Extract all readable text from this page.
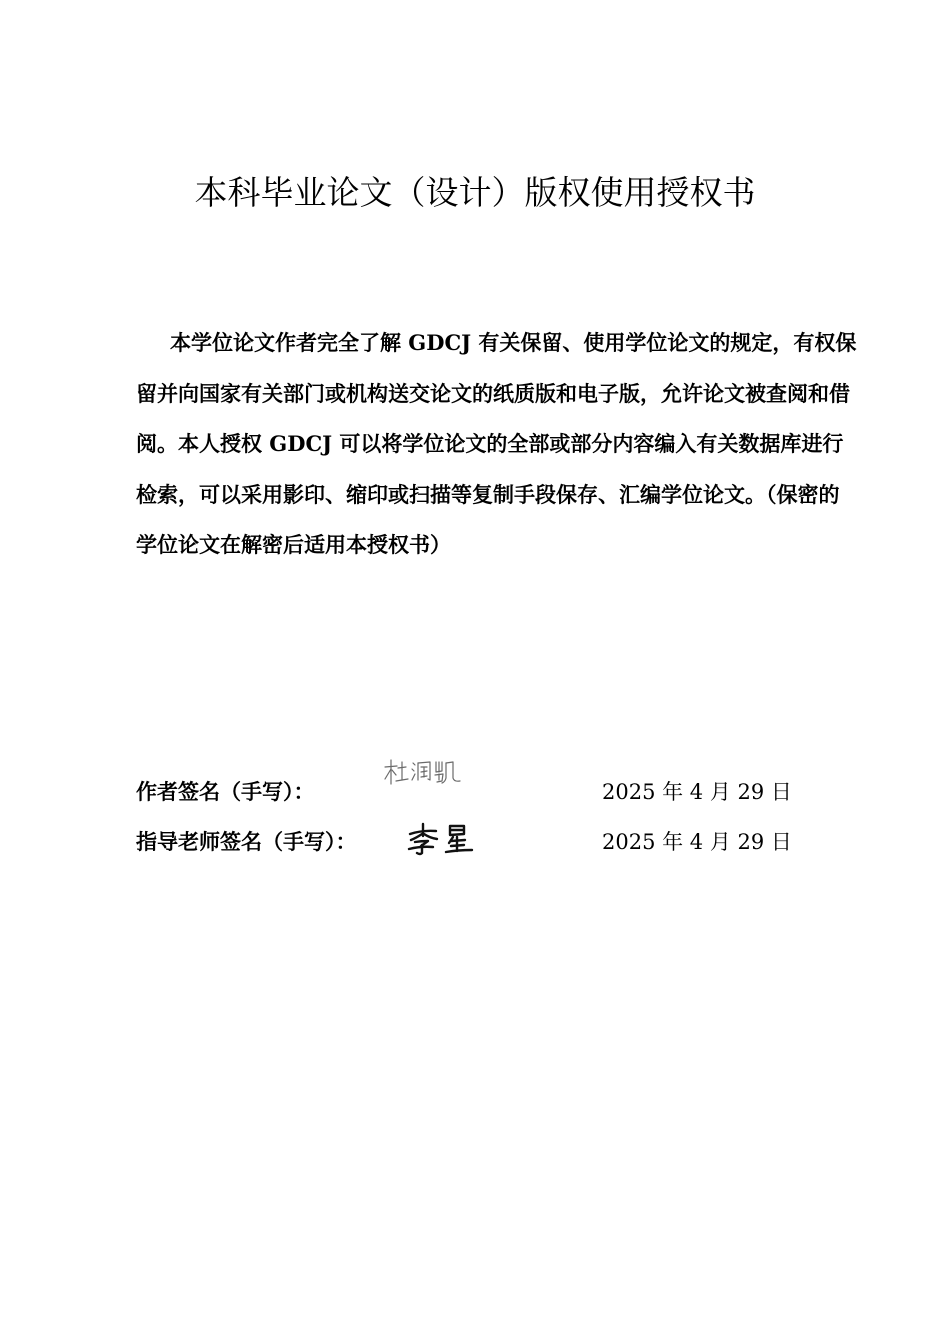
本科毕业论文（设计）版权使用授权书

本学位论文作者完全了解 GDCJ 有关保留、使用学位论文的规定，有权保留并向国家有关部门或机构送交论文的纸质版和电子版，允许论文被查阅和借阅。本人授权 GDCJ 可以将学位论文的全部或部分内容编入有关数据库进行检索，可以采用影印、缩印或扫描等复制手段保存、汇编学位论文。（保密的学位论文在解密后适用本授权书）

作者签名（手写）：	2025 年 4 月 29 日
指导老师签名（手写）：	2025 年 4 月 29 日
